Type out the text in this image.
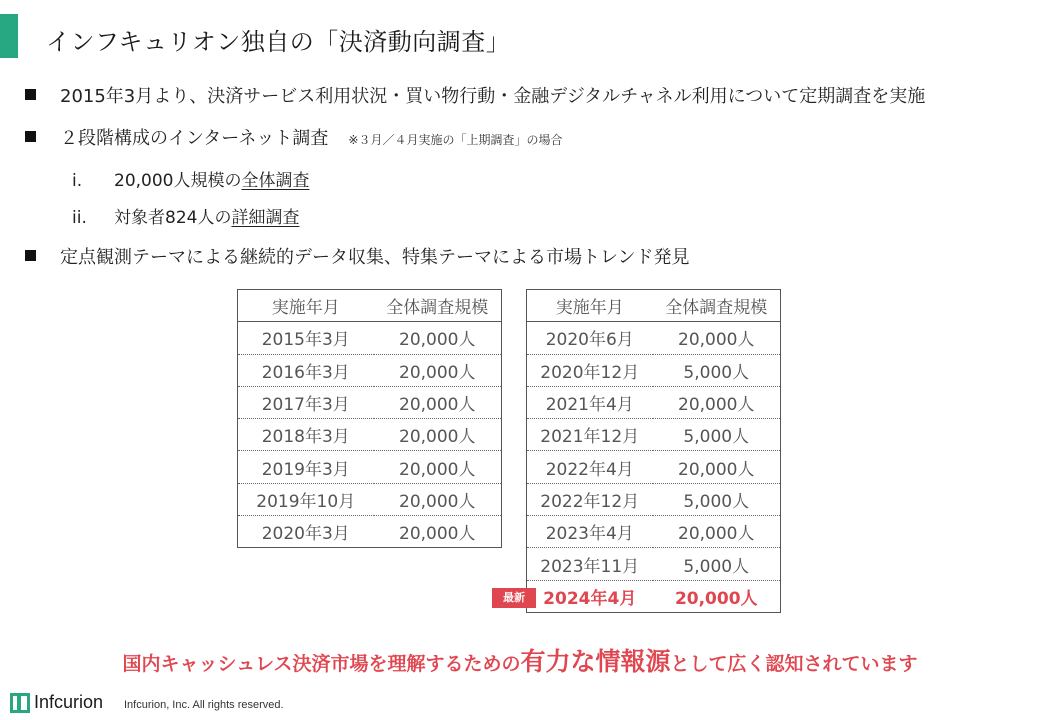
インフキュリオン独自の「決済動向調査」
2015年3月より、決済サービス利用状況・買い物行動・金融デジタルチャネル利用について定期調査を実施
２段階構成のインターネット調査 ※３月／４月実施の「上期調査」の場合
i. 20,000人規模の全体調査
ii. 対象者824人の詳細調査
定点観測テーマによる継続的データ収集、特集テーマによる市場トレンド発見
実施年月	全体調査規模
2015年3月	20,000人
2016年3月	20,000人
2017年3月	20,000人
2018年3月	20,000人
2019年3月	20,000人
2019年10月	20,000人
2020年3月	20,000人
実施年月	全体調査規模
2020年6月	20,000人
2020年12月	5,000人
2021年4月	20,000人
2021年12月	5,000人
2022年4月	20,000人
2022年12月	5,000人
2023年4月	20,000人
2023年11月	5,000人
2024年4月	20,000人
最新
国内キャッシュレス決済市場を理解するための有力な情報源として広く認知されています
Infcurion Infcurion, Inc. All rights reserved.
